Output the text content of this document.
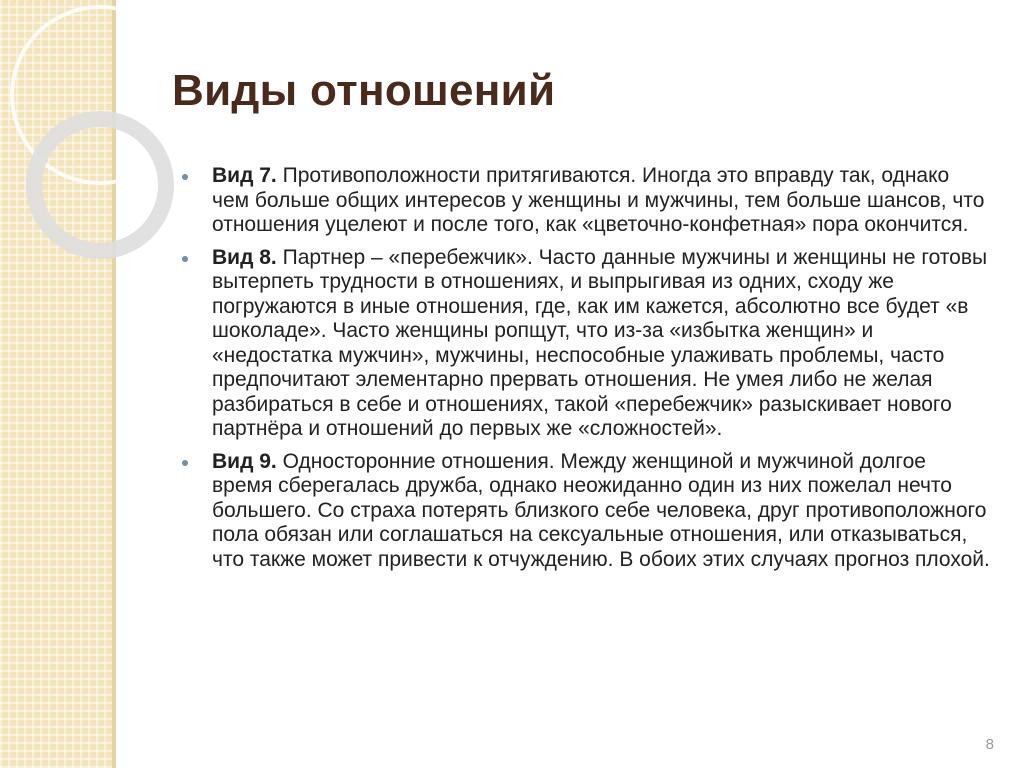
Виды отношений
Вид 7. Противоположности притягиваются. Иногда это вправду так, однако чем больше общих интересов у женщины и мужчины, тем больше шансов, что отношения уцелеют и после того, как «цветочно-конфетная» пора окончится.
Вид 8. Партнер – «перебежчик». Часто данные мужчины и женщины не готовы вытерпеть трудности в отношениях, и выпрыгивая из одних, сходу же погружаются в иные отношения, где, как им кажется, абсолютно все будет «в шоколаде». Часто женщины ропщут, что из-за «избытка женщин» и «недостатка мужчин», мужчины, неспособные улаживать проблемы, часто предпочитают элементарно прервать отношения. Не умея либо не желая разбираться в себе и отношениях, такой «перебежчик» разыскивает нового партнёра и отношений до первых же «сложностей».
Вид 9. Односторонние отношения. Между женщиной и мужчиной долгое время сберегалась дружба, однако неожиданно один из них пожелал нечто большего. Со страха потерять близкого себе человека, друг противоположного пола обязан или соглашаться на сексуальные отношения, или отказываться, что также может привести к отчуждению. В обоих этих случаях прогноз плохой.
8
